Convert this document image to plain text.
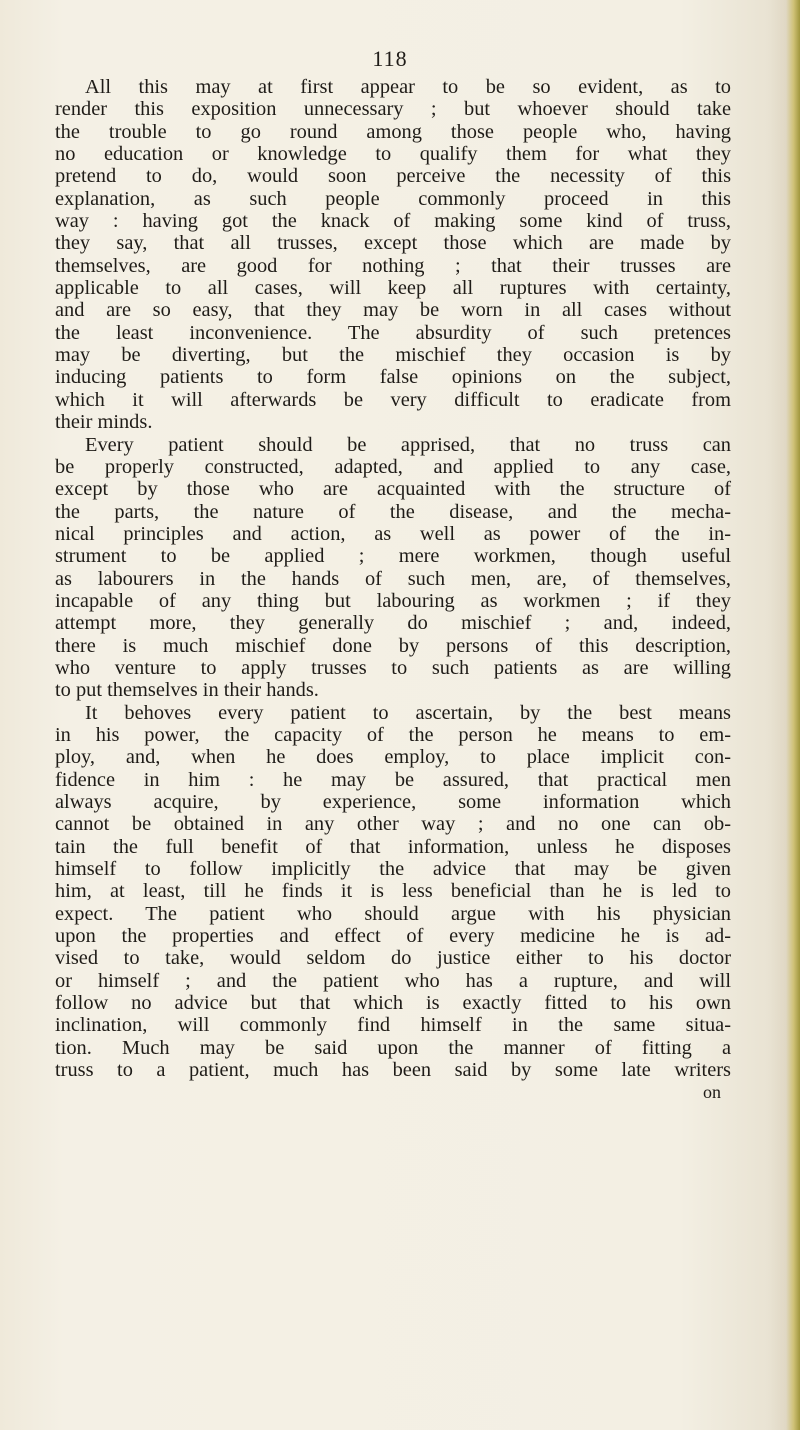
118
All this may at first appear to be so evident, as to
render this exposition unnecessary ; but whoever should take
the trouble to go round among those people who, having
no education or knowledge to qualify them for what they
pretend to do, would soon perceive the necessity of this
explanation, as such people commonly proceed in this
way : having got the knack of making some kind of truss,
they say, that all trusses, except those which are made by
themselves, are good for nothing ; that their trusses are
applicable to all cases, will keep all ruptures with certainty,
and are so easy, that they may be worn in all cases without
the least inconvenience. The absurdity of such pretences
may be diverting, but the mischief they occasion is by
inducing patients to form false opinions on the subject,
which it will afterwards be very difficult to eradicate from
their minds.
Every patient should be apprised, that no truss can
be properly constructed, adapted, and applied to any case,
except by those who are acquainted with the structure of
the parts, the nature of the disease, and the mecha-
nical principles and action, as well as power of the in-
strument to be applied ; mere workmen, though useful
as labourers in the hands of such men, are, of themselves,
incapable of any thing but labouring as workmen ; if they
attempt more, they generally do mischief ; and, indeed,
there is much mischief done by persons of this description,
who venture to apply trusses to such patients as are willing
to put themselves in their hands.
It behoves every patient to ascertain, by the best means
in his power, the capacity of the person he means to em-
ploy, and, when he does employ, to place implicit con-
fidence in him : he may be assured, that practical men
always acquire, by experience, some information which
cannot be obtained in any other way ; and no one can ob-
tain the full benefit of that information, unless he disposes
himself to follow implicitly the advice that may be given
him, at least, till he finds it is less beneficial than he is led to
expect. The patient who should argue with his physician
upon the properties and effect of every medicine he is ad-
vised to take, would seldom do justice either to his doctor
or himself ; and the patient who has a rupture, and will
follow no advice but that which is exactly fitted to his own
inclination, will commonly find himself in the same situa-
tion. Much may be said upon the manner of fitting a
truss to a patient, much has been said by some late writers
on
